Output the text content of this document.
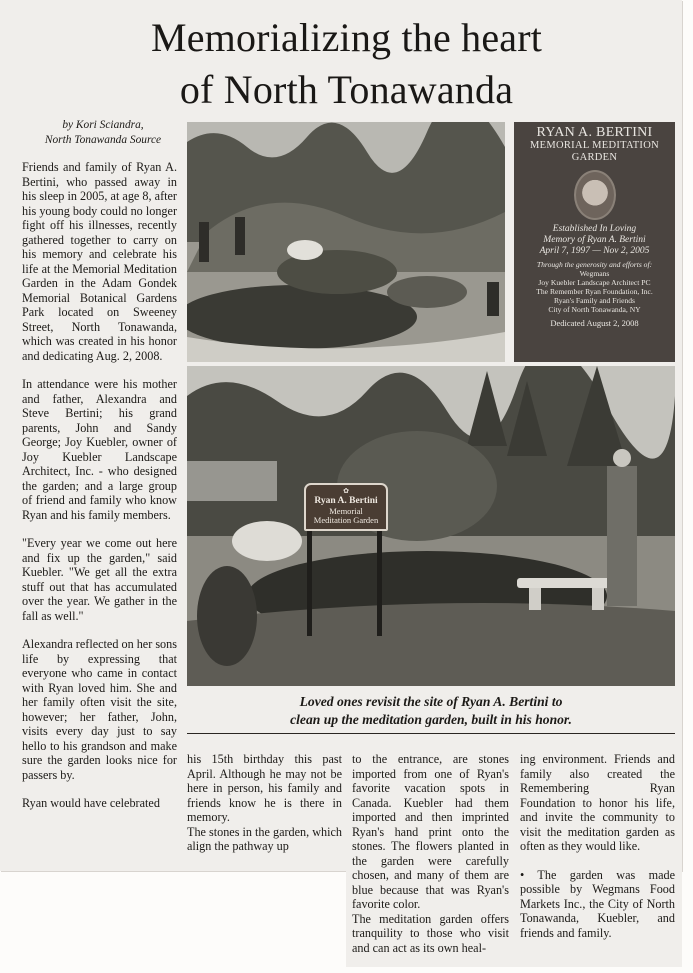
Memorializing the heart
of North Tonawanda
by Kori Sciandra,
North Tonawanda Source

Friends and family of Ryan A. Bertini, who passed away in his sleep in 2005, at age 8, after his young body could no longer fight off his illnesses, recently gathered together to carry on his memory and celebrate his life at the Memorial Meditation Garden in the Adam Gondek Memorial Botanical Gardens Park located on Sweeney Street, North Tonawanda, which was created in his honor and dedicating Aug. 2, 2008.

In attendance were his mother and father, Alexandra and Steve Bertini; his grand parents, John and Sandy George; Joy Kuebler, owner of Joy Kuebler Landscape Architect, Inc. - who designed the garden; and a large group of friend and family who know Ryan and his family members.

"Every year we come out here and fix up the garden," said Kuebler. "We get all the extra stuff out that has accumulated over the year. We gather in the fall as well."

Alexandra reflected on her sons life by expressing that everyone who came in contact with Ryan loved him. She and her family often visit the site, however; her father, John, visits every day just to say hello to his grandson and make sure the garden looks nice for passers by.

Ryan would have celebrated

RYAN A. BERTINI
MEMORIAL MEDITATION
GARDEN
Established In Loving
Memory of Ryan A. Bertini
April 7, 1997 — Nov 2, 2005
Through the generosity and efforts of:
Wegmans
Joy Kuebler Landscape Architect PC
The Remember Ryan Foundation, Inc.
Ryan's Family and Friends
City of North Tonawanda, NY
Dedicated August 2, 2008
✿
Ryan A. Bertini
Memorial
Meditation Garden
Loved ones revisit the site of Ryan A. Bertini to
clean up the meditation garden, built in his honor.

his 15th birthday this past April. Although he may not be here in person, his family and friends know he is there in memory.

The stones in the garden, which align the pathway up

to the entrance, are stones imported from one of Ryan's favorite vacation spots in Canada. Kuebler had them imported and then imprinted Ryan's hand print onto the stones. The flowers planted in the garden were carefully chosen, and many of them are blue because that was Ryan's favorite color.

The meditation garden offers tranquility to those who visit and can act as its own heal-

ing environment. Friends and family also created the Remembering Ryan Foundation to honor his life, and invite the community to visit the meditation garden as often as they would like.

• The garden was made possible by Wegmans Food Markets Inc., the City of North Tonawanda, Kuebler, and friends and family.
